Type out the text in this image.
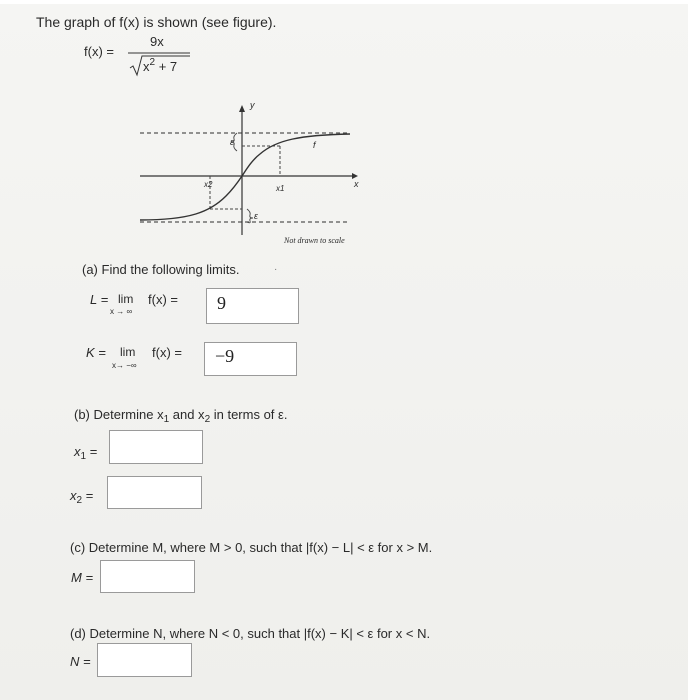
The graph of f(x) is shown (see figure).
f(x) =
9x
$x^2 + 7$
y
x
f
x1
x2
ε
ε
Not drawn to scale
(a) Find the following limits.	·
L = lim
x → ∞
f(x) = 9
K = lim
x→ −∞
f(x) = −9
(b) Determine $x_1$ and $x_2$ in terms of ε.
$x_1$ =
$x_2$ =
(c) Determine M, where M > 0, such that |f(x) − L| < ε for x > M.
M =
(d) Determine N, where N < 0, such that |f(x) − K| < ε for x < N.
N =
